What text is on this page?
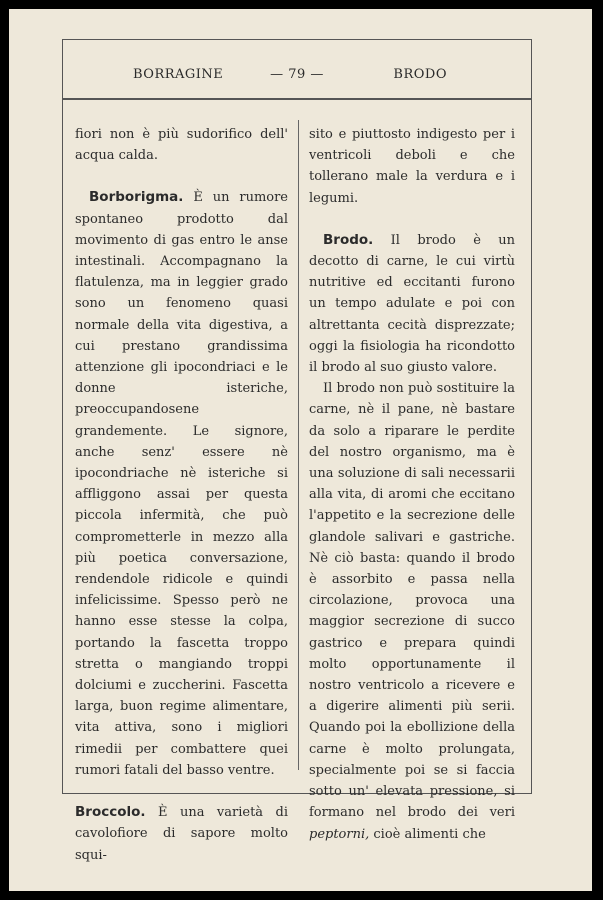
BORRAGINE	— 79 —	BRODO

fiori non è più sudorifico dell' acqua calda.

Borborigma. È un rumore spontaneo prodotto dal movimento di gas entro le anse intestinali. Accompagnano la flatulenza, ma in leggier grado sono un fenomeno quasi normale della vita digestiva, a cui prestano grandissima attenzione gli ipocondriaci e le donne isteriche, preoccupandosene grandemente. Le signore, anche senz' essere nè ipocondriache nè isteriche si affliggono assai per questa piccola infermità, che può comprometterle in mezzo alla più poetica conversazione, rendendole ridicole e quindi infelicissime. Spesso però ne hanno esse stesse la colpa, portando la fascetta troppo stretta o mangiando troppi dolciumi e zuccherini. Fascetta larga, buon regime alimentare, vita attiva, sono i migliori rimedii per combattere quei rumori fatali del basso ventre.

Broccolo. È una varietà di cavolofiore di sapore molto squi-

sito e piuttosto indigesto per i ventricoli deboli e che tollerano male la verdura e i legumi.

Brodo. Il brodo è un decotto di carne, le cui virtù nutritive ed eccitanti furono un tempo adulate e poi con altrettanta cecità disprezzate; oggi la fisiologia ha ricondotto il brodo al suo giusto valore.

Il brodo non può sostituire la carne, nè il pane, nè bastare da solo a riparare le perdite del nostro organismo, ma è una soluzione di sali necessarii alla vita, di aromi che eccitano l'appetito e la secrezione delle glandole salivari e gastriche. Nè ciò basta: quando il brodo è assorbito e passa nella circolazione, provoca una maggior secrezione di succo gastrico e prepara quindi molto opportunamente il nostro ventricolo a ricevere e a digerire alimenti più serii. Quando poi la ebollizione della carne è molto prolungata, specialmente poi se si faccia sotto un' elevata pressione, si formano nel brodo dei veri peptorni, cioè alimenti che
